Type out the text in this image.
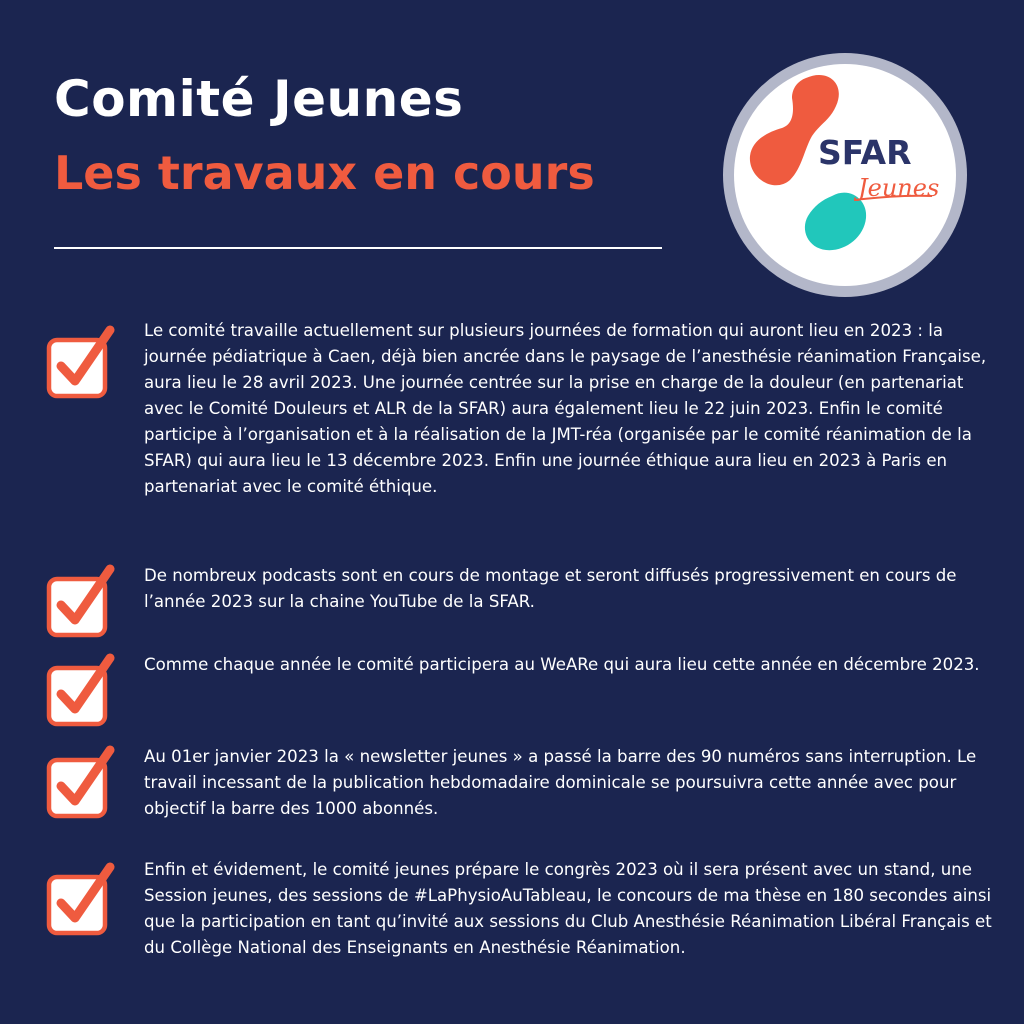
Comité Jeunes
Les travaux en cours	SFAR
Jeunes

Le comité travaille actuellement sur plusieurs journées de formation qui auront lieu en 2023 : la journée pédiatrique à Caen, déjà bien ancrée dans le paysage de l’anesthésie réanimation Française, aura lieu le 28 avril 2023. Une journée centrée sur la prise en charge de la douleur (en partenariat avec le Comité Douleurs et ALR de la SFAR) aura également lieu le 22 juin 2023. Enfin le comité participe à l’organisation et à la réalisation de la JMT-réa (organisée par le comité réanimation de la SFAR) qui aura lieu le 13 décembre 2023. Enfin une journée éthique aura lieu en 2023 à Paris en partenariat avec le comité éthique.

De nombreux podcasts sont en cours de montage et seront diffusés progressivement en cours de l’année 2023 sur la chaine YouTube de la SFAR.

Comme chaque année le comité participera au WeARe qui aura lieu cette année en décembre 2023.

Au 01er janvier 2023 la « newsletter jeunes » a passé la barre des 90 numéros sans interruption. Le travail incessant de la publication hebdomadaire dominicale se poursuivra cette année avec pour objectif la barre des 1000 abonnés.

Enfin et évidement, le comité jeunes prépare le congrès 2023 où il sera présent avec un stand, une Session jeunes, des sessions de #LaPhysioAuTableau, le concours de ma thèse en 180 secondes ainsi que la participation en tant qu’invité aux sessions du Club Anesthésie Réanimation Libéral Français et du Collège National des Enseignants en Anesthésie Réanimation.
